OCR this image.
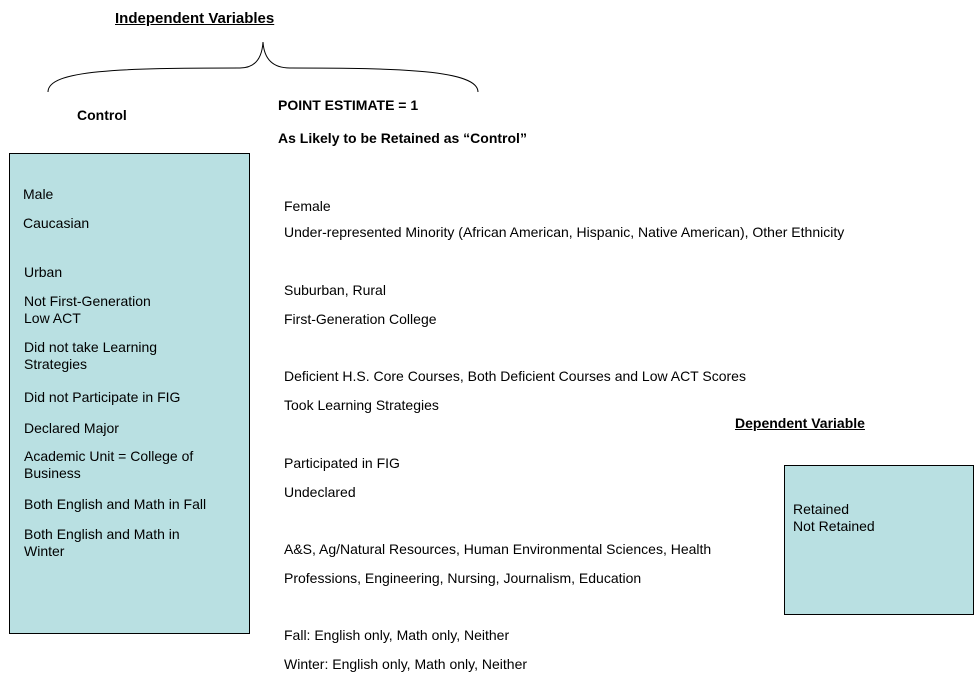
Independent Variables
Control
POINT ESTIMATE = 1
As Likely to be Retained as “Control”
Male
Caucasian
Urban
Not First-Generation
Low ACT
Did not take Learning
Strategies
Did not Participate in FIG
Declared Major
Academic Unit = College of
Business
Both English and Math in Fall
Both English and Math in
Winter
Female
Under-represented Minority (African American, Hispanic, Native American), Other Ethnicity
Suburban, Rural
First-Generation College
Deficient H.S. Core Courses, Both Deficient Courses and Low ACT Scores
Took Learning Strategies
Participated in FIG
Undeclared
A&S, Ag/Natural Resources, Human Environmental Sciences, Health
Professions, Engineering, Nursing, Journalism, Education
Fall: English only, Math only, Neither
Winter: English only, Math only, Neither
Dependent Variable
Retained
Not Retained
